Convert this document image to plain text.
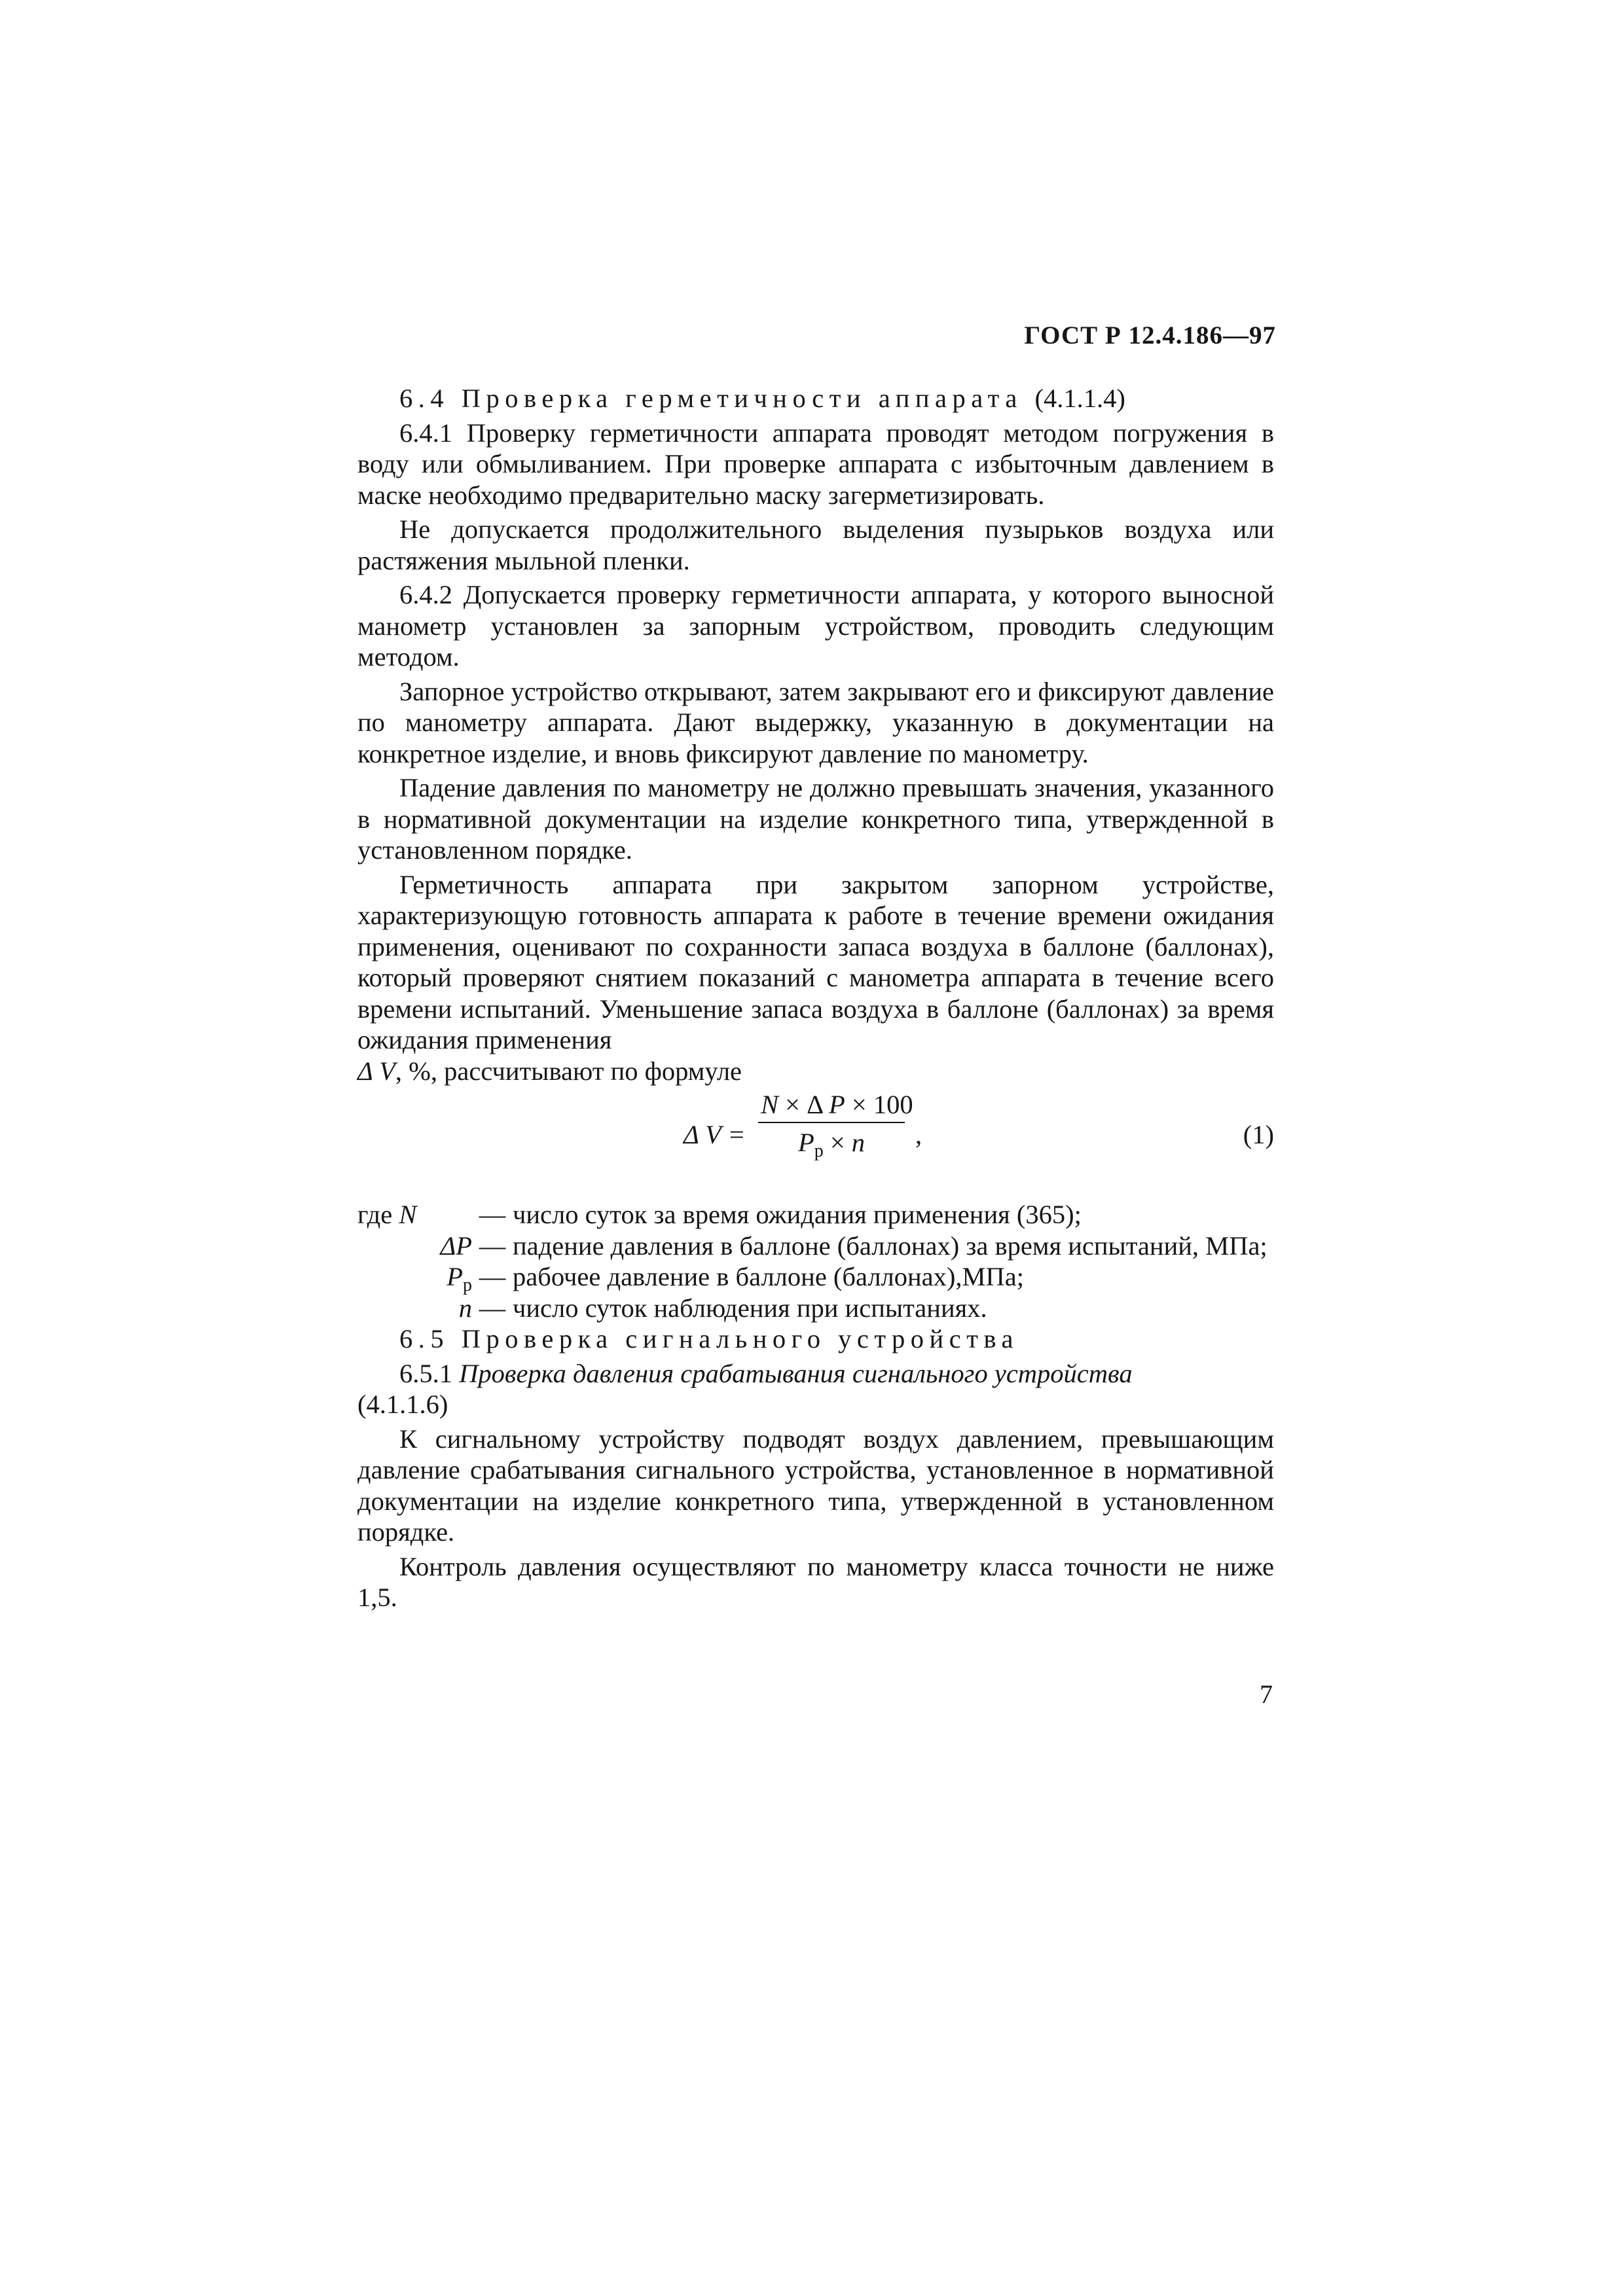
ГОСТ Р 12.4.186—97

6.4 Проверка герметичности аппарата (4.1.1.4)

6.4.1 Проверку герметичности аппарата проводят методом погружения в воду или обмыливанием. При проверке аппарата с избыточным давлением в маске необходимо предварительно маску загерметизировать.

Не допускается продолжительного выделения пузырьков воздуха или растяжения мыльной пленки.

6.4.2 Допускается проверку герметичности аппарата, у которого выносной манометр установлен за запорным устройством, проводить следующим методом.

Запорное устройство открывают, затем закрывают его и фиксируют давление по манометру аппарата. Дают выдержку, указанную в документации на конкретное изделие, и вновь фиксируют давление по манометру.

Падение давления по манометру не должно превышать значения, указанного в нормативной документации на изделие конкретного типа, утвержденной в установленном порядке.

Герметичность аппарата при закрытом запорном устройстве, характеризующую готовность аппарата к работе в течение времени ожидания применения, оценивают по сохранности запаса воздуха в баллоне (баллонах), который проверяют снятием показаний с манометра аппарата в течение всего времени испытаний. Уменьшение запаса воздуха в баллоне (баллонах) за время ожидания применения
Δ V, %, рассчитывают по формуле

Δ V =
N × Δ P × 100
$P_р \times n$	,	(1)
где N	— число суток за время ожидания применения (365);
ΔP — падение давления в баллоне (баллонах) за время испытаний, МПа;
$P_р$ — рабочее давление в баллоне (баллонах),МПа;
n — число суток наблюдения при испытаниях.

6.5 Проверка сигнального устройства

6.5.1 Проверка давления срабатывания сигнального устройства
(4.1.1.6)

К сигнальному устройству подводят воздух давлением, превышающим давление срабатывания сигнального устройства, установленное в нормативной документации на изделие конкретного типа, утвержденной в установленном порядке.

Контроль давления осуществляют по манометру класса точности не ниже 1,5.

7
